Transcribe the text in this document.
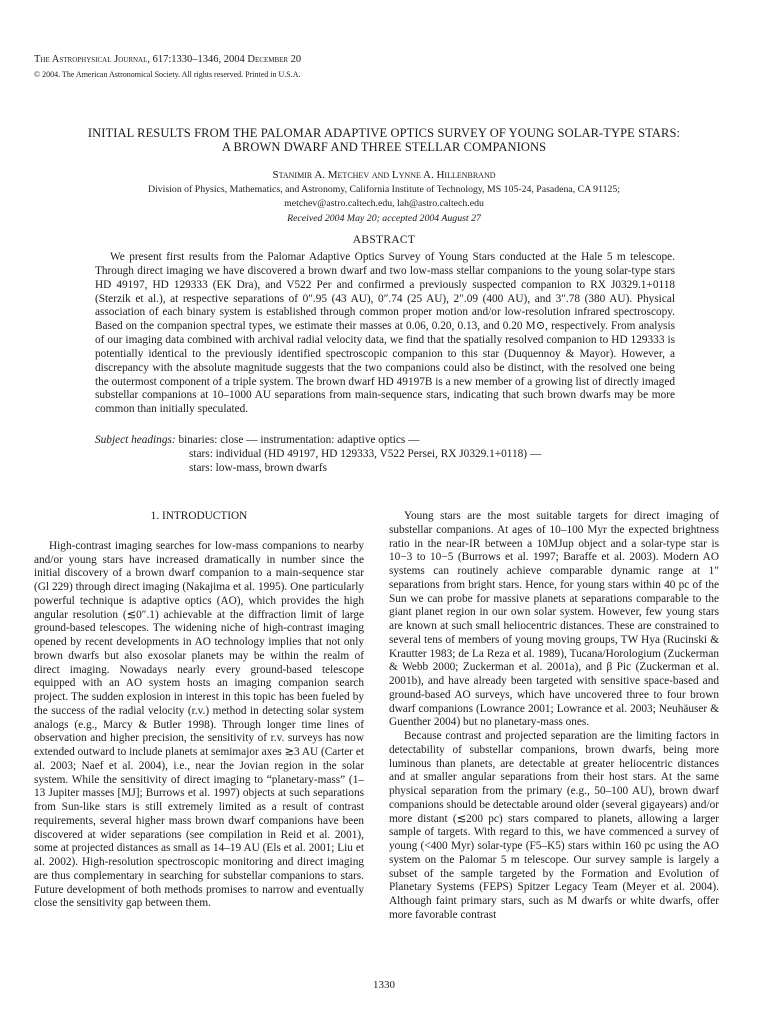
The Astrophysical Journal, 617:1330–1346, 2004 December 20
© 2004. The American Astronomical Society. All rights reserved. Printed in U.S.A.
INITIAL RESULTS FROM THE PALOMAR ADAPTIVE OPTICS SURVEY OF YOUNG SOLAR-TYPE STARS:
A BROWN DWARF AND THREE STELLAR COMPANIONS
Stanimir A. Metchev and Lynne A. Hillenbrand
Division of Physics, Mathematics, and Astronomy, California Institute of Technology, MS 105-24, Pasadena, CA 91125;
metchev@astro.caltech.edu, lah@astro.caltech.edu
Received 2004 May 20; accepted 2004 August 27
ABSTRACT

We present first results from the Palomar Adaptive Optics Survey of Young Stars conducted at the Hale 5 m telescope. Through direct imaging we have discovered a brown dwarf and two low-mass stellar companions to the young solar-type stars HD 49197, HD 129333 (EK Dra), and V522 Per and confirmed a previously suspected companion to RX J0329.1+0118 (Sterzik et al.), at respective separations of 0″.95 (43 AU), 0″.74 (25 AU), 2″.09 (400 AU), and 3″.78 (380 AU). Physical association of each binary system is established through common proper motion and/or low-resolution infrared spectroscopy. Based on the companion spectral types, we estimate their masses at 0.06, 0.20, 0.13, and 0.20 M⊙, respectively. From analysis of our imaging data combined with archival radial velocity data, we find that the spatially resolved companion to HD 129333 is potentially identical to the previously identified spectroscopic companion to this star (Duquennoy & Mayor). However, a discrepancy with the absolute magnitude suggests that the two companions could also be distinct, with the resolved one being the outermost component of a triple system. The brown dwarf HD 49197B is a new member of a growing list of directly imaged substellar companions at 10–1000 AU separations from main-sequence stars, indicating that such brown dwarfs may be more common than initially speculated.

Subject headings: binaries: close — instrumentation: adaptive optics —
stars: individual (HD 49197, HD 129333, V522 Persei, RX J0329.1+0118) —
stars: low-mass, brown dwarfs
1. INTRODUCTION

High-contrast imaging searches for low-mass companions to nearby and/or young stars have increased dramatically in number since the initial discovery of a brown dwarf companion to a main-sequence star (Gl 229) through direct imaging (Nakajima et al. 1995). One particularly powerful technique is adaptive optics (AO), which provides the high angular resolution (≲0″.1) achievable at the diffraction limit of large ground-based telescopes. The widening niche of high-contrast imaging opened by recent developments in AO technology implies that not only brown dwarfs but also exosolar planets may be within the realm of direct imaging. Nowadays nearly every ground-based telescope equipped with an AO system hosts an imaging companion search project. The sudden explosion in interest in this topic has been fueled by the success of the radial velocity (r.v.) method in detecting solar system analogs (e.g., Marcy & Butler 1998). Through longer time lines of observation and higher precision, the sensitivity of r.v. surveys has now extended outward to include planets at semimajor axes ≳3 AU (Carter et al. 2003; Naef et al. 2004), i.e., near the Jovian region in the solar system. While the sensitivity of direct imaging to “planetary-mass” (1–13 Jupiter masses [MJ]; Burrows et al. 1997) objects at such separations from Sun-like stars is still extremely limited as a result of contrast requirements, several higher mass brown dwarf companions have been discovered at wider separations (see compilation in Reid et al. 2001), some at projected distances as small as 14–19 AU (Els et al. 2001; Liu et al. 2002). High-resolution spectroscopic monitoring and direct imaging are thus complementary in searching for substellar companions to stars. Future development of both methods promises to narrow and eventually close the sensitivity gap between them.

Young stars are the most suitable targets for direct imaging of substellar companions. At ages of 10–100 Myr the expected brightness ratio in the near-IR between a 10MJup object and a solar-type star is 10−3 to 10−5 (Burrows et al. 1997; Baraffe et al. 2003). Modern AO systems can routinely achieve comparable dynamic range at 1″ separations from bright stars. Hence, for young stars within 40 pc of the Sun we can probe for massive planets at separations comparable to the giant planet region in our own solar system. However, few young stars are known at such small heliocentric distances. These are constrained to several tens of members of young moving groups, TW Hya (Rucinski & Krautter 1983; de La Reza et al. 1989), Tucana/Horologium (Zuckerman & Webb 2000; Zuckerman et al. 2001a), and β Pic (Zuckerman et al. 2001b), and have already been targeted with sensitive space-based and ground-based AO surveys, which have uncovered three to four brown dwarf companions (Lowrance 2001; Lowrance et al. 2003; Neuhäuser & Guenther 2004) but no planetary-mass ones.

Because contrast and projected separation are the limiting factors in detectability of substellar companions, brown dwarfs, being more luminous than planets, are detectable at greater heliocentric distances and at smaller angular separations from their host stars. At the same physical separation from the primary (e.g., 50–100 AU), brown dwarf companions should be detectable around older (several gigayears) and/or more distant (≲200 pc) stars compared to planets, allowing a larger sample of targets. With regard to this, we have commenced a survey of young (<400 Myr) solar-type (F5–K5) stars within 160 pc using the AO system on the Palomar 5 m telescope. Our survey sample is largely a subset of the sample targeted by the Formation and Evolution of Planetary Systems (FEPS) Spitzer Legacy Team (Meyer et al. 2004). Although faint primary stars, such as M dwarfs or white dwarfs, offer more favorable contrast

1330
